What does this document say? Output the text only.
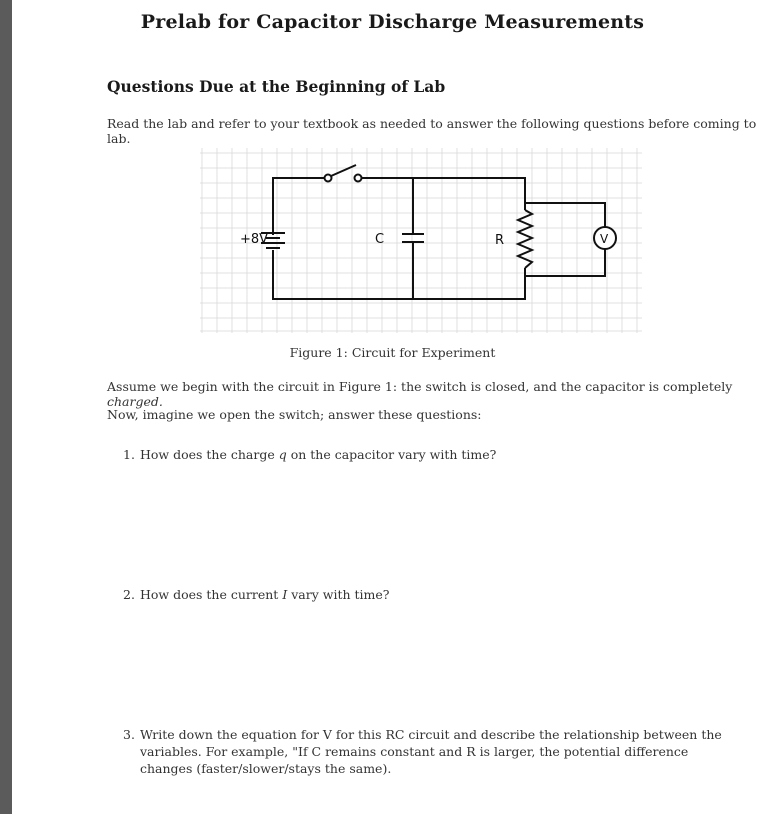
Prelab for Capacitor Discharge Measurements
Questions Due at the Beginning of Lab
Read the lab and refer to your textbook as needed to answer the following questions before coming to lab.
+8V	C	R	V
Figure 1: Circuit for Experiment
Assume we begin with the circuit in Figure 1: the switch is closed, and the capacitor is completely charged.
Now, imagine we open the switch; answer these questions:
1. How does the charge q on the capacitor vary with time?
2. How does the current I vary with time?
3. Write down the equation for V for this RC circuit and describe the relationship between the variables. For example, "If C remains constant and R is larger, the potential difference changes (faster/slower/stays the same).
